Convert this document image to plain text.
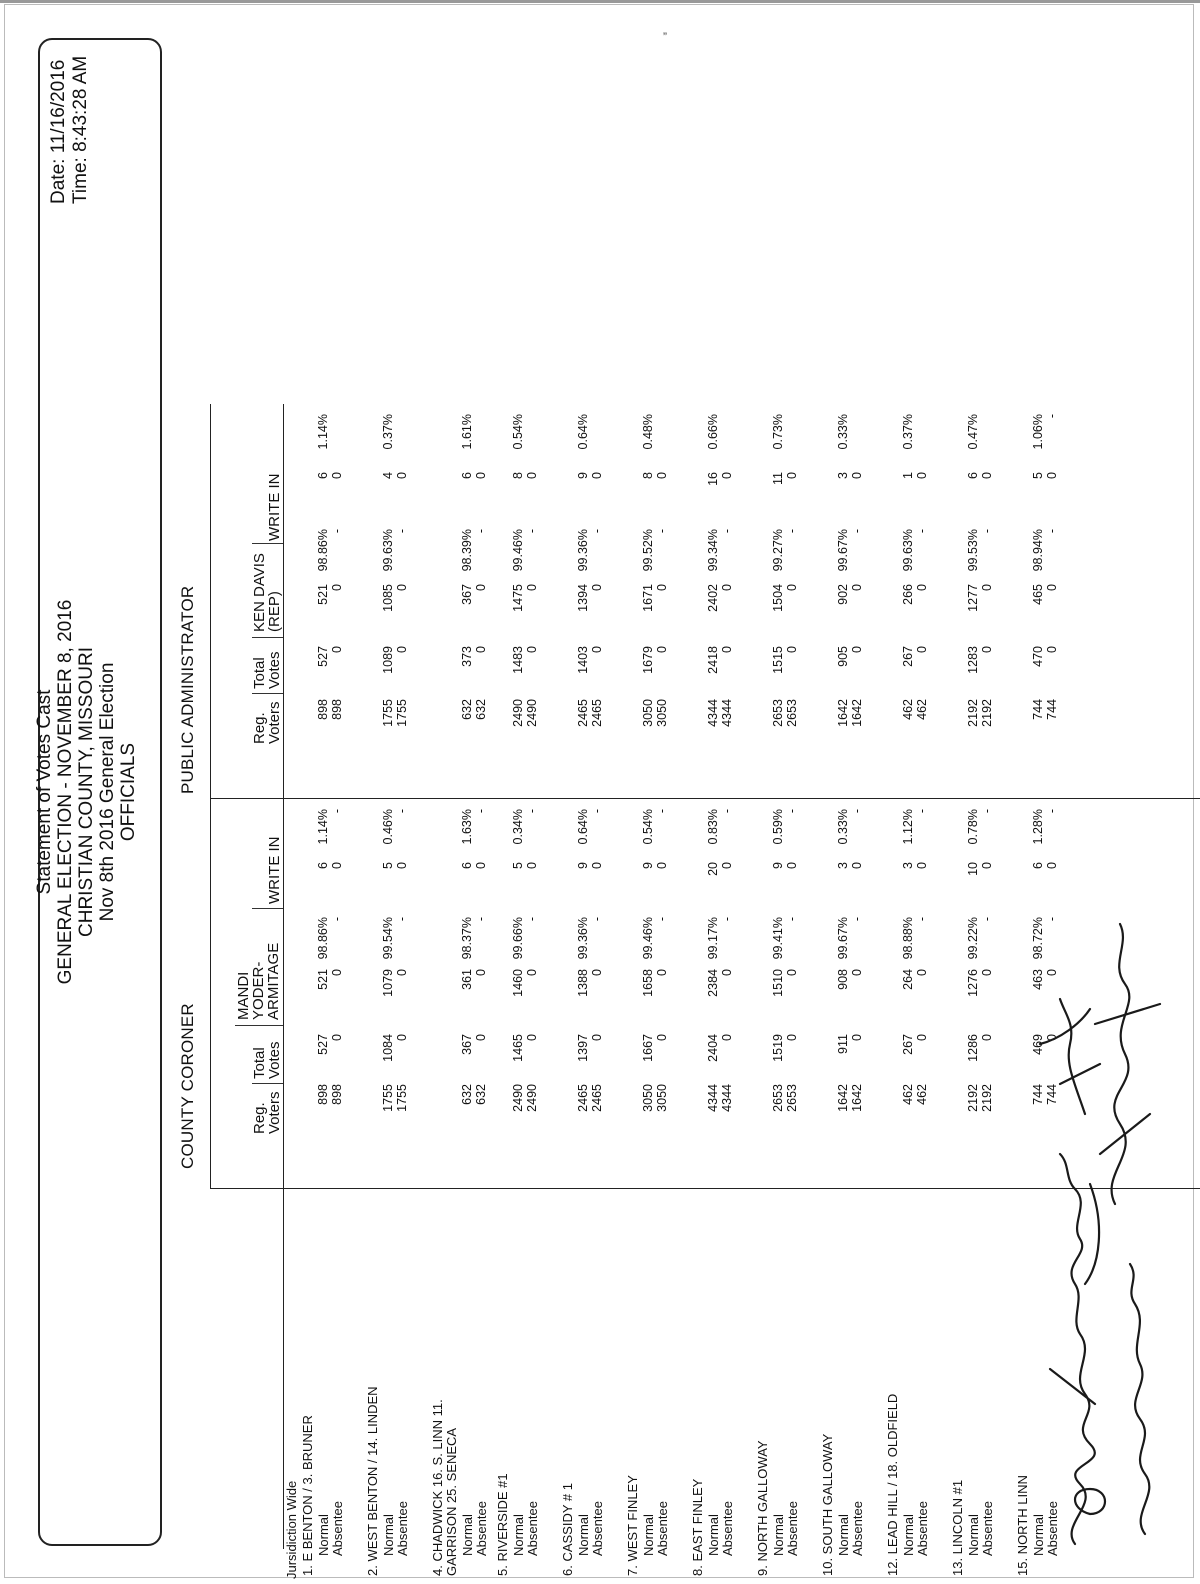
”
Statement of Votes Cast GENERAL ELECTION - NOVEMBER 8, 2016 CHRISTIAN COUNTY, MISSOURI Nov 8th 2016 General Election OFFICIALS
Date: 11/16/2016 Time: 8:43:28 AM
COUNTY CORONER
PUBLIC ADMINISTRATOR
Reg.
Voters
Total
Votes
MANDI
YODER-
ARMITAGE
WRITE IN
Reg.
Voters
Total
Votes
KEN DAVIS
(REP)
WRITE IN
Jursidiction Wide 1. E BENTON / 3. BRUNER Normal
898
527
521
98.86%
6
1.14%
898
527
521
98.86%
6
1.14%
Absentee
898
0
0
-
0
-
898
0
0
-
0
2. WEST BENTON / 14. LINDEN Normal
1755
1084
1079
99.54%
5
0.46%
1755
1089
1085
99.63%
4
0.37%
Absentee
1755
0
0
-
0
-
1755
0
0
-
0
4. CHADWICK 16. S. LINN 11. GARRISON 25. SENECA Normal
632
367
361
98.37%
6
1.63%
632
373
367
98.39%
6
1.61%
Absentee
632
0
0
-
0
-
632
0
0
-
0
5. RIVERSIDE #1 Normal
2490
1465
1460
99.66%
5
0.34%
2490
1483
1475
99.46%
8
0.54%
Absentee
2490
0
0
-
0
-
2490
0
0
-
0
6. CASSIDY # 1 Normal
2465
1397
1388
99.36%
9
0.64%
2465
1403
1394
99.36%
9
0.64%
Absentee
2465
0
0
-
0
-
2465
0
0
-
0
7. WEST FINLEY Normal
3050
1667
1658
99.46%
9
0.54%
3050
1679
1671
99.52%
8
0.48%
Absentee
3050
0
0
-
0
-
3050
0
0
-
0
8. EAST FINLEY Normal
4344
2404
2384
99.17%
20
0.83%
4344
2418
2402
99.34%
16
0.66%
Absentee
4344
0
0
-
0
-
4344
0
0
-
0
9. NORTH GALLOWAY Normal
2653
1519
1510
99.41%
9
0.59%
2653
1515
1504
99.27%
11
0.73%
Absentee
2653
0
0
-
0
-
2653
0
0
-
0
10. SOUTH GALLOWAY Normal
1642
911
908
99.67%
3
0.33%
1642
905
902
99.67%
3
0.33%
Absentee
1642
0
0
-
0
-
1642
0
0
-
0
12. LEAD HILL / 18. OLDFIELD Normal
462
267
264
98.88%
3
1.12%
462
267
266
99.63%
1
0.37%
Absentee
462
0
0
-
0
-
462
0
0
-
0
13. LINCOLN #1 Normal
2192
1286
1276
99.22%
10
0.78%
2192
1283
1277
99.53%
6
0.47%
Absentee
2192
0
0
-
0
-
2192
0
0
-
0
15. NORTH LINN Normal
744
469
463
98.72%
6
1.28%
744
470
465
98.94%
5
1.06%
Absentee
744
0
0
-
0
-
744
0
0
-
0
-
